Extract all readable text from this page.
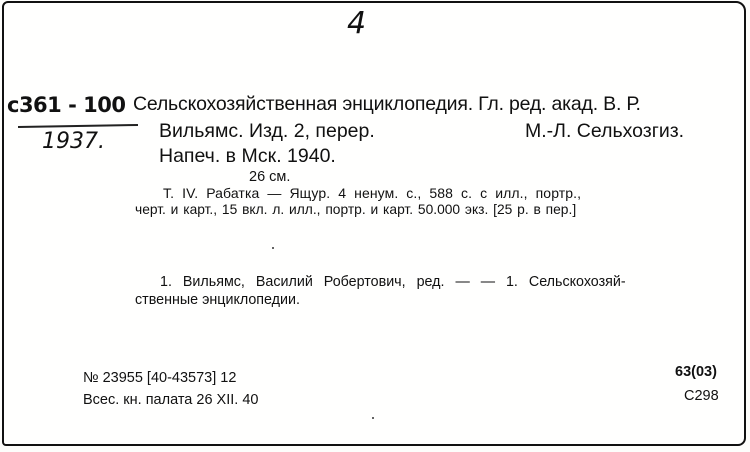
4
с361 - 100
1937.
Сельскохозяйственная энциклопедия. Гл. ред. акад. В. Р.
Вильямс. Изд. 2, перер.	М.-Л. Сельхозгиз.
Напеч. в Мск. 1940.
26 см.
Т. IV. Рабатка — Ящур. 4 ненум. с., 588 с. с илл., портр.,
черт. и карт., 15 вкл. л. илл., портр. и карт. 50.000 экз. [25 р. в пер.]
1. Вильямс, Василий Робертович, ред. — — 1. Сельскохозяй-
ственные энциклопедии.
№ 23955 [40-43573] 12
Всес. кн. палата 26 XII. 40
63(03)
С298
